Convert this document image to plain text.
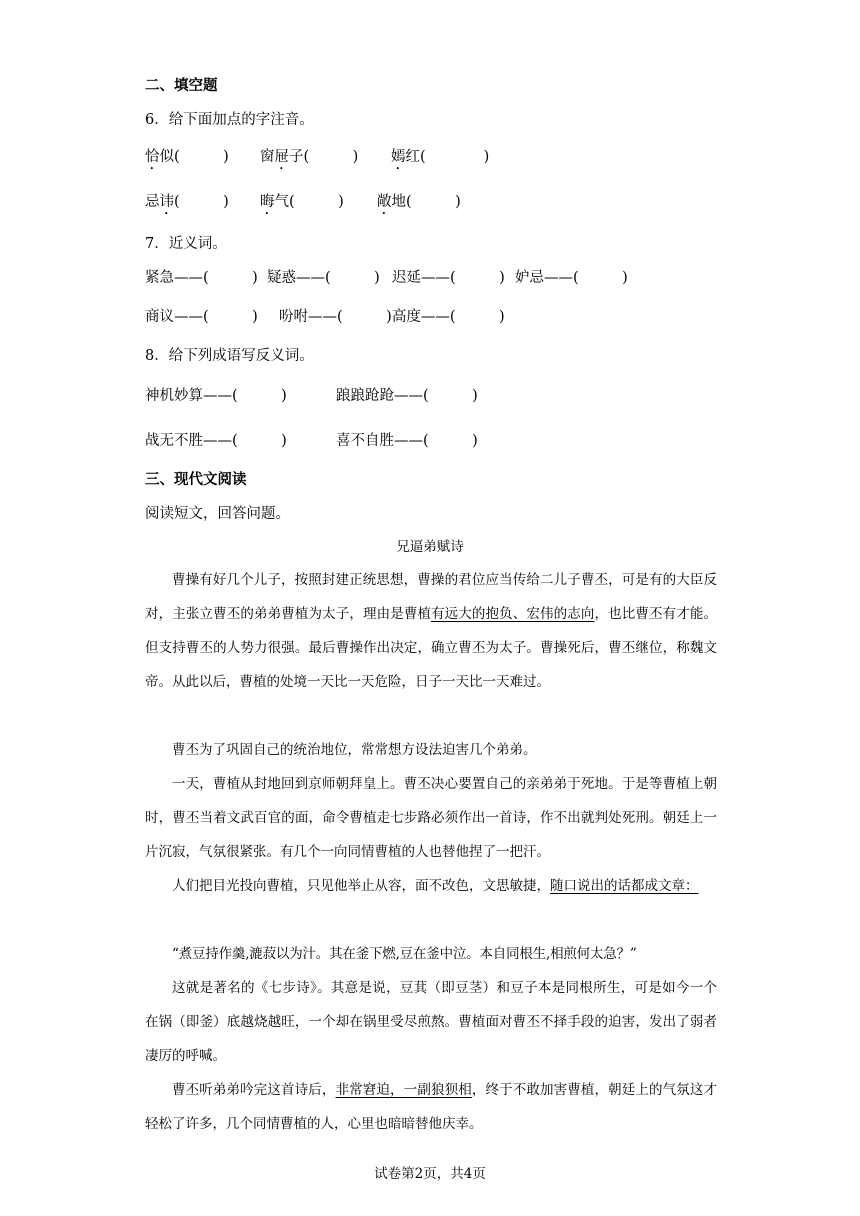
二、填空题
6．给下面加点的字注音。
恰似(　　　) 窗屉子(　　　) 嫣红(　　　　)
忌讳(　　　) 晦气(　　　) 敞地(　　　)
7．近义词。
紧急——(　　　) 疑惑——(　　　) 迟延——(　　　) 妒忌——(　　　)
商议——(　　　) 吩咐——(　　　)高度——(　　　)
8．给下列成语写反义词。
神机妙算——(　　　)	踉踉跄跄——(　　　)
战无不胜——(　　　)	喜不自胜——(　　　)
三、现代文阅读
阅读短文，回答问题。
兄逼弟赋诗
曹操有好几个儿子，按照封建正统思想，曹操的君位应当传给二儿子曹丕，可是有的大臣反对，主张立曹丕的弟弟曹植为太子，理由是曹植有远大的抱负、宏伟的志向，也比曹丕有才能。但支持曹丕的人势力很强。最后曹操作出决定，确立曹丕为太子。曹操死后，曹丕继位，称魏文帝。从此以后，曹植的处境一天比一天危险，日子一天比一天难过。
曹丕为了巩固自己的统治地位，常常想方设法迫害几个弟弟。
一天，曹植从封地回到京师朝拜皇上。曹丕决心要置自己的亲弟弟于死地。于是等曹植上朝时，曹丕当着文武百官的面，命令曹植走七步路必须作出一首诗，作不出就判处死刑。朝廷上一片沉寂，气氛很紧张。有几个一向同情曹植的人也替他捏了一把汗。
人们把目光投向曹植，只见他举止从容，面不改色，文思敏捷，随口说出的话都成文章：
“煮豆持作羹,漉菽以为汁。其在釜下燃,豆在釜中泣。本自同根生,相煎何太急？”
这就是著名的《七步诗》。其意是说，豆萁（即豆茎）和豆子本是同根所生，可是如今一个在锅（即釜）底越烧越旺，一个却在锅里受尽煎熬。曹植面对曹丕不择手段的迫害，发出了弱者凄厉的呼喊。
曹丕听弟弟吟完这首诗后，非常窘迫，一副狼狈相，终于不敢加害曹植，朝廷上的气氛这才轻松了许多，几个同情曹植的人，心里也暗暗替他庆幸。
试卷第2页，共4页
